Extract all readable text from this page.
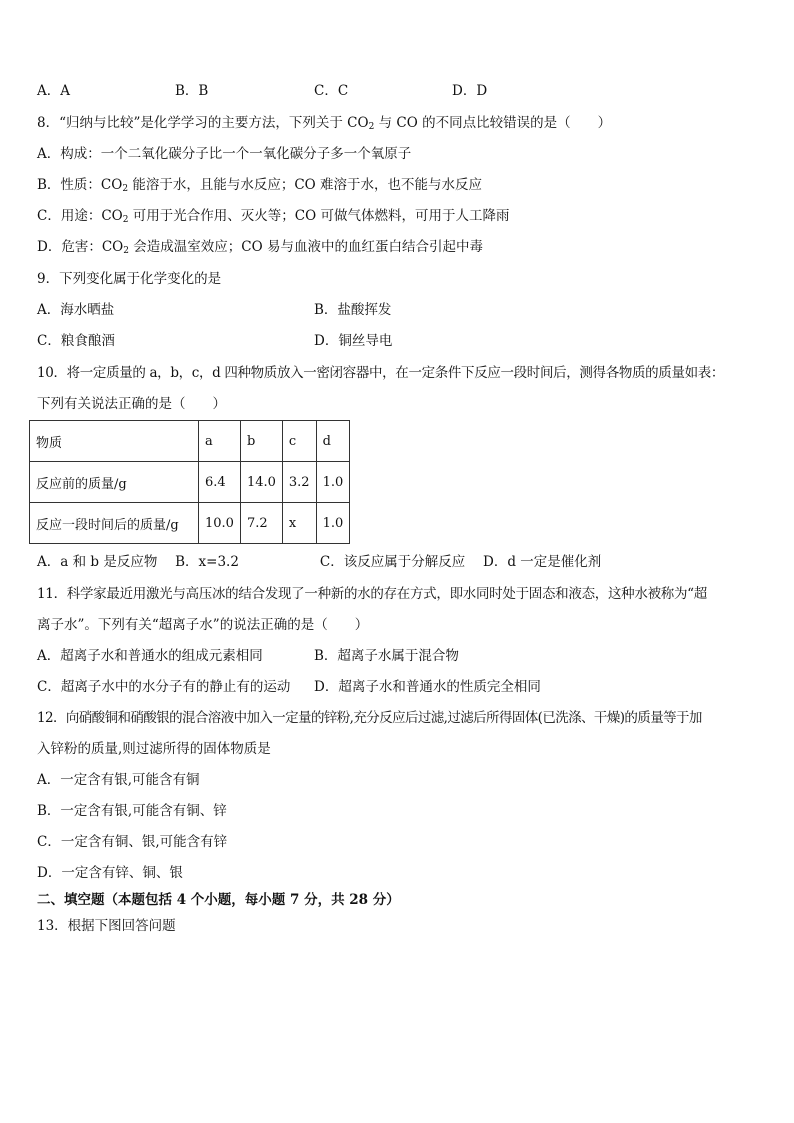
A．A	B．B	C．C	D．D
8．“归纳与比较”是化学学习的主要方法，下列关于 $CO_2$ 与 CO 的不同点比较错误的是（　　）
A．构成：一个二氧化碳分子比一个一氧化碳分子多一个氧原子
B．性质：$CO_2$ 能溶于水，且能与水反应；CO 难溶于水，也不能与水反应
C．用途：$CO_2$ 可用于光合作用、灭火等；CO 可做气体燃料，可用于人工降雨
D．危害：$CO_2$ 会造成温室效应；CO 易与血液中的血红蛋白结合引起中毒
9．下列变化属于化学变化的是
A．海水晒盐	B．盐酸挥发
C．粮食酿酒	D．铜丝导电
10．将一定质量的 a，b，c，d 四种物质放入一密闭容器中，在一定条件下反应一段时间后，测得各物质的质量如表：
下列有关说法正确的是（　　）
物质	a	b	c	d
反应前的质量/g	6.4	14.0	3.2	1.0
反应一段时间后的质量/g	10.0	7.2	x	1.0
A．a 和 b 是反应物　 B．x=3.2　　　　　　C．该反应属于分解反应　 D．d 一定是催化剂
11．科学家最近用激光与高压冰的结合发现了一种新的水的存在方式，即水同时处于固态和液态，这种水被称为“超
离子水”。下列有关“超离子水”的说法正确的是（　　）
A．超离子水和普通水的组成元素相同	B．超离子水属于混合物
C．超离子水中的水分子有的静止有的运动 D．超离子水和普通水的性质完全相同
12．向硝酸铜和硝酸银的混合溶液中加入一定量的锌粉,充分反应后过滤,过滤后所得固体(已洗涤、干燥)的质量等于加
入锌粉的质量,则过滤所得的固体物质是
A．一定含有银,可能含有铜
B．一定含有银,可能含有铜、锌
C．一定含有铜、银,可能含有锌
D．一定含有锌、铜、银
二、填空题（本题包括 4 个小题，每小题 7 分，共 28 分）
13．根据下图回答问题
